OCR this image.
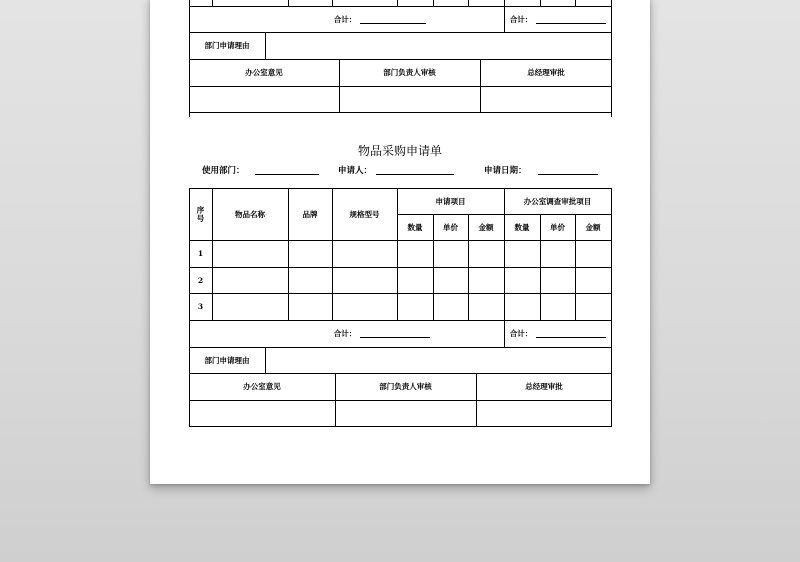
合计：	合计：
部门申请理由
办公室意见	部门负责人审核	总经理审批
物品采购申请单
使用部门：	申请人：	申请日期：
序号	物品名称	品牌	规格型号
申请项目	办公室调查审批项目
数量	单价	金额	数量	单价	金额
1
2
3
合计：	合计：
部门申请理由
办公室意见	部门负责人审核	总经理审批
